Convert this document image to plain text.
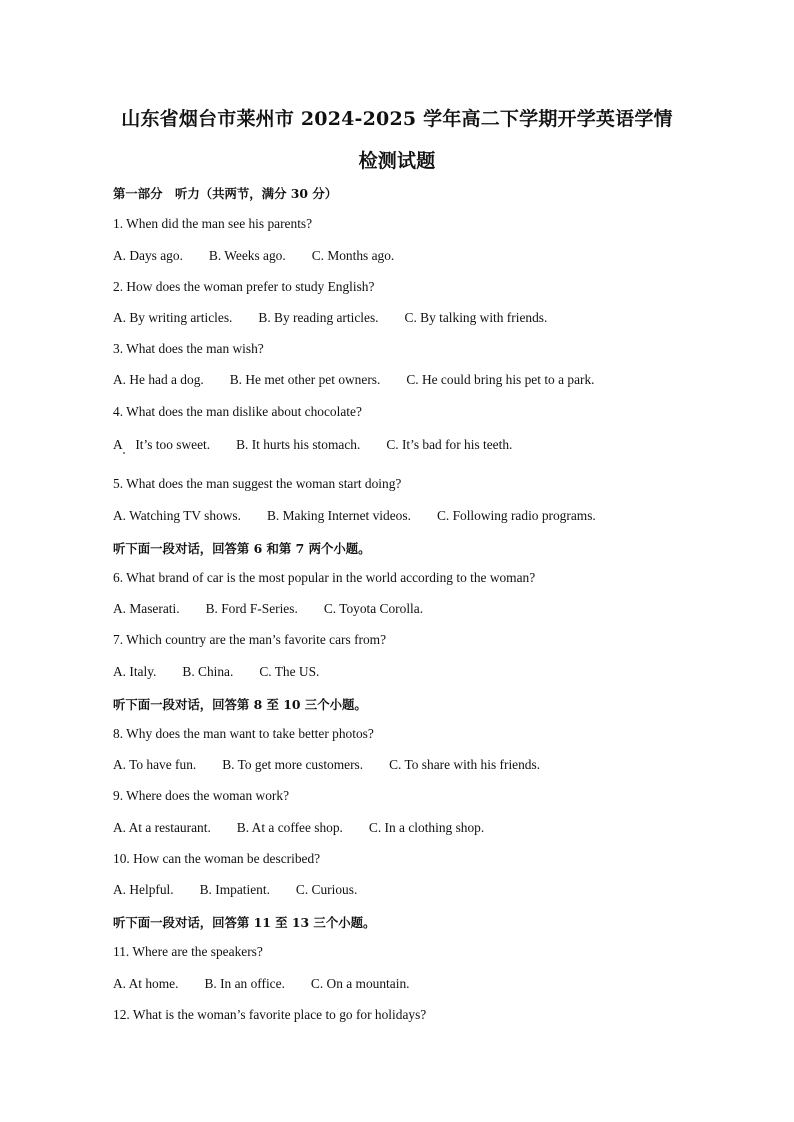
山东省烟台市莱州市 2024-2025 学年高二下学期开学英语学情
检测试题
第一部分　听力（共两节，满分 30 分）
1. When did the man see his parents?
A. Days ago. B. Weeks ago. C. Months ago.
2. How does the woman prefer to study English?
A. By writing articles. B. By reading articles. C. By talking with friends.
3. What does the man wish?
A. He had a dog. B. He met other pet owners. C. He could bring his pet to a park.
4. What does the man dislike about chocolate?
A　It’s too sweet. B. It hurts his stomach. C. It’s bad for his teeth.
5. What does the man suggest the woman start doing?
A. Watching TV shows. B. Making Internet videos. C. Following radio programs.
听下面一段对话，回答第 6 和第 7 两个小题。
6. What brand of car is the most popular in the world according to the woman?
A. Maserati. B. Ford F-Series. C. Toyota Corolla.
7. Which country are the man’s favorite cars from?
A. Italy. B. China. C. The US.
听下面一段对话，回答第 8 至 10 三个小题。
8. Why does the man want to take better photos?
A. To have fun. B. To get more customers. C. To share with his friends.
9. Where does the woman work?
A. At a restaurant. B. At a coffee shop. C. In a clothing shop.
10. How can the woman be described?
A. Helpful. B. Impatient. C. Curious.
听下面一段对话，回答第 11 至 13 三个小题。
11. Where are the speakers?
A. At home. B. In an office. C. On a mountain.
12. What is the woman’s favorite place to go for holidays?
